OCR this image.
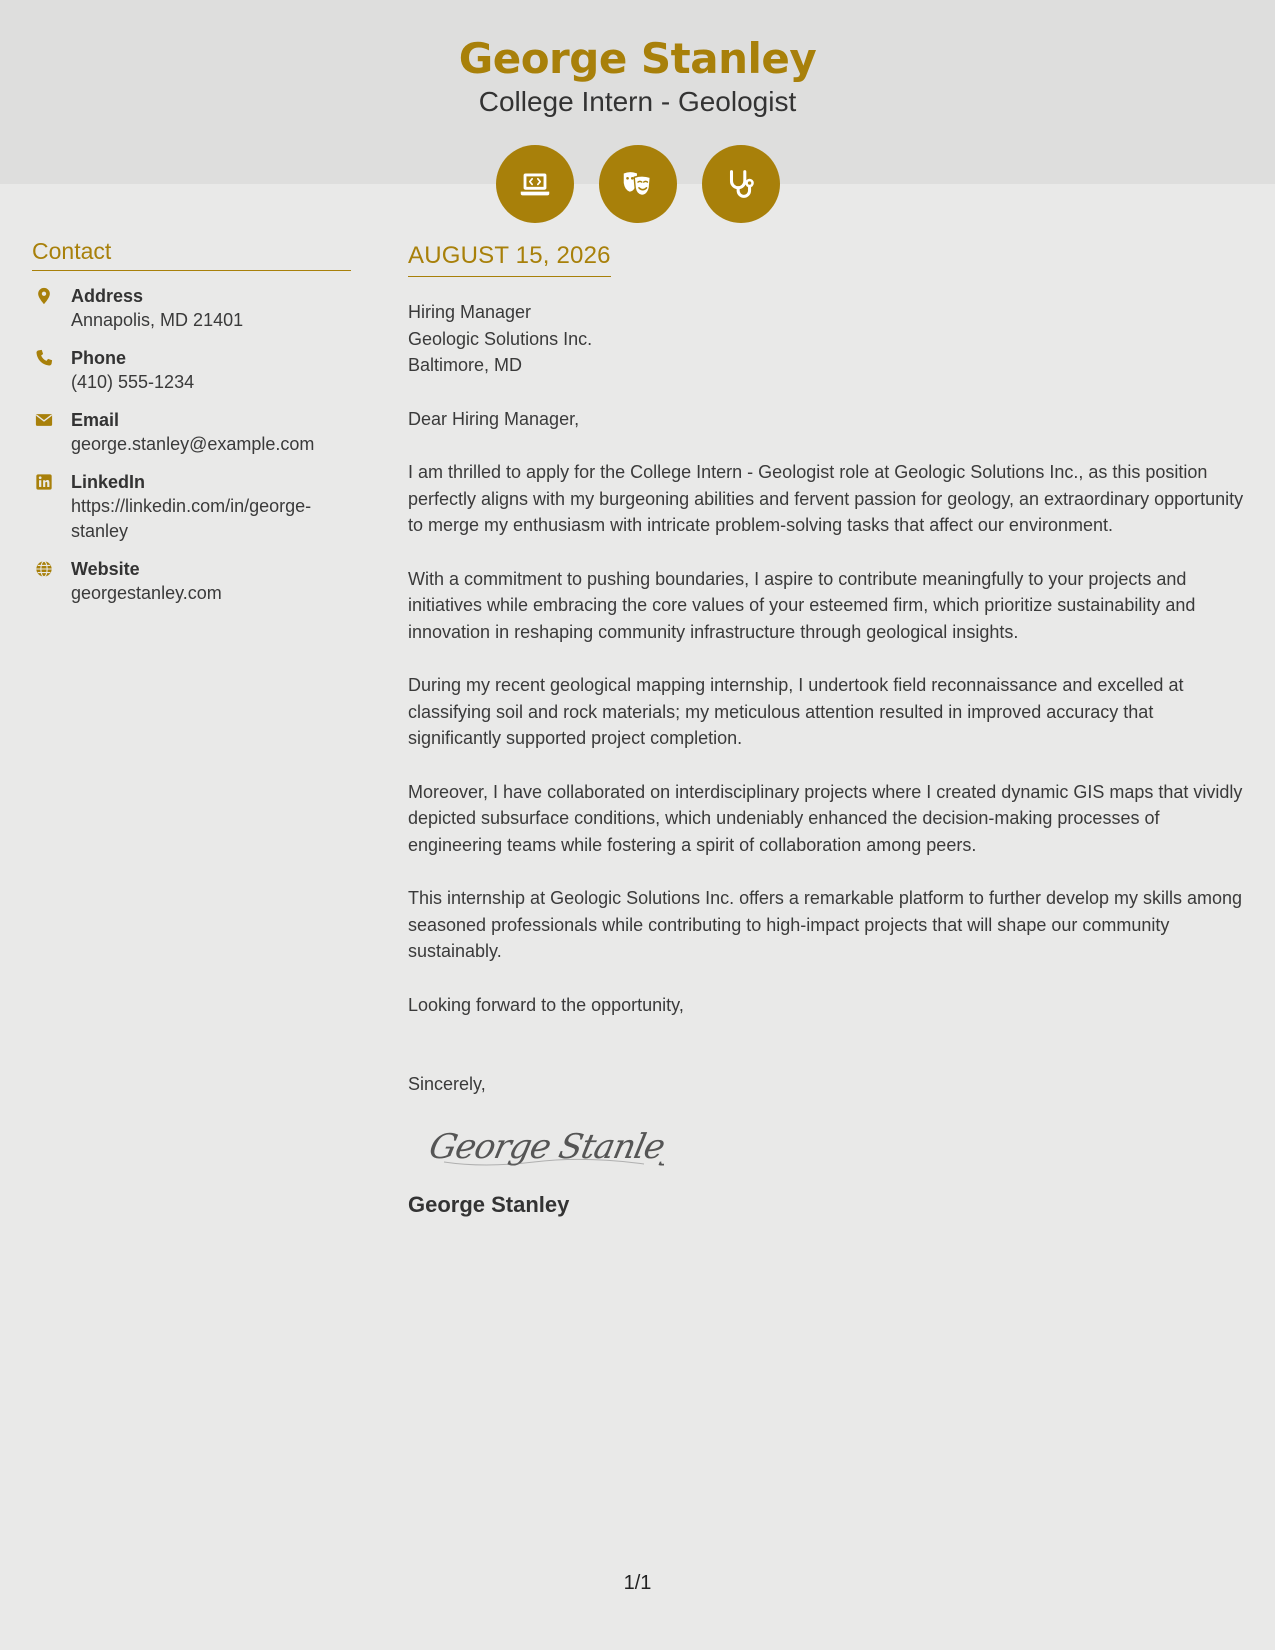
George Stanley
College Intern - Geologist
Contact
Address
Annapolis, MD 21401
Phone
(410) 555-1234
Email
george.stanley@example.com
LinkedIn
https://linkedin.com/in/george-stanley
Website
georgestanley.com
AUGUST 15, 2026
Hiring Manager
Geologic Solutions Inc.
Baltimore, MD
Dear Hiring Manager,
I am thrilled to apply for the College Intern - Geologist role at Geologic Solutions Inc., as this position perfectly aligns with my burgeoning abilities and fervent passion for geology, an extraordinary opportunity to merge my enthusiasm with intricate problem-solving tasks that affect our environment.
With a commitment to pushing boundaries, I aspire to contribute meaningfully to your projects and initiatives while embracing the core values of your esteemed firm, which prioritize sustainability and innovation in reshaping community infrastructure through geological insights.
During my recent geological mapping internship, I undertook field reconnaissance and excelled at classifying soil and rock materials; my meticulous attention resulted in improved accuracy that significantly supported project completion.
Moreover, I have collaborated on interdisciplinary projects where I created dynamic GIS maps that vividly depicted subsurface conditions, which undeniably enhanced the decision-making processes of engineering teams while fostering a spirit of collaboration among peers.
This internship at Geologic Solutions Inc. offers a remarkable platform to further develop my skills among seasoned professionals while contributing to high-impact projects that will shape our community sustainably.
Looking forward to the opportunity,
Sincerely,
George Stanley
George Stanley
1/1
